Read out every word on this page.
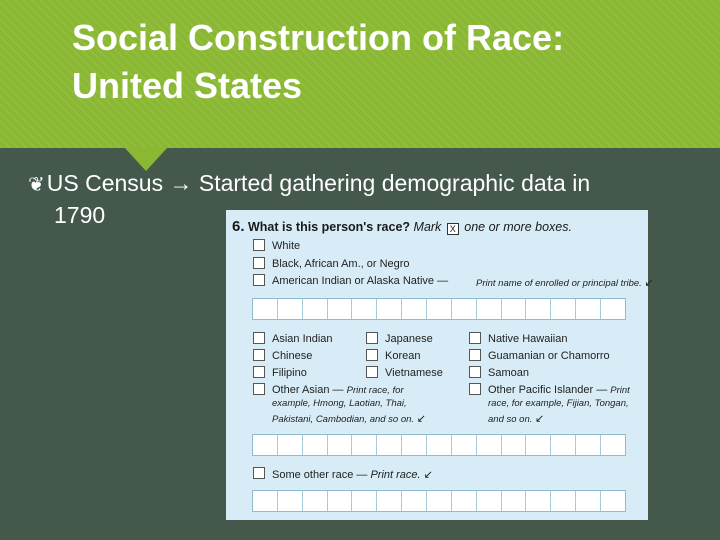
Social Construction of Race:
United States
❦US Census → Started gathering demographic data in
1790	6. What is this person's race? Mark X one or more boxes.
White
Black, African Am., or Negro
American Indian or Alaska Native —	Print name of enrolled or principal tribe. ↙
Asian Indian
Chinese
Filipino
Other Asian — Print race, for
example, Hmong, Laotian, Thai,
Pakistani, Cambodian, and so on. ↙
Japanese
Korean
Vietnamese
Native Hawaiian
Guamanian or Chamorro
Samoan
Other Pacific Islander — Print
race, for example, Fijian, Tongan,
and so on. ↙
Some other race — Print race. ↙
